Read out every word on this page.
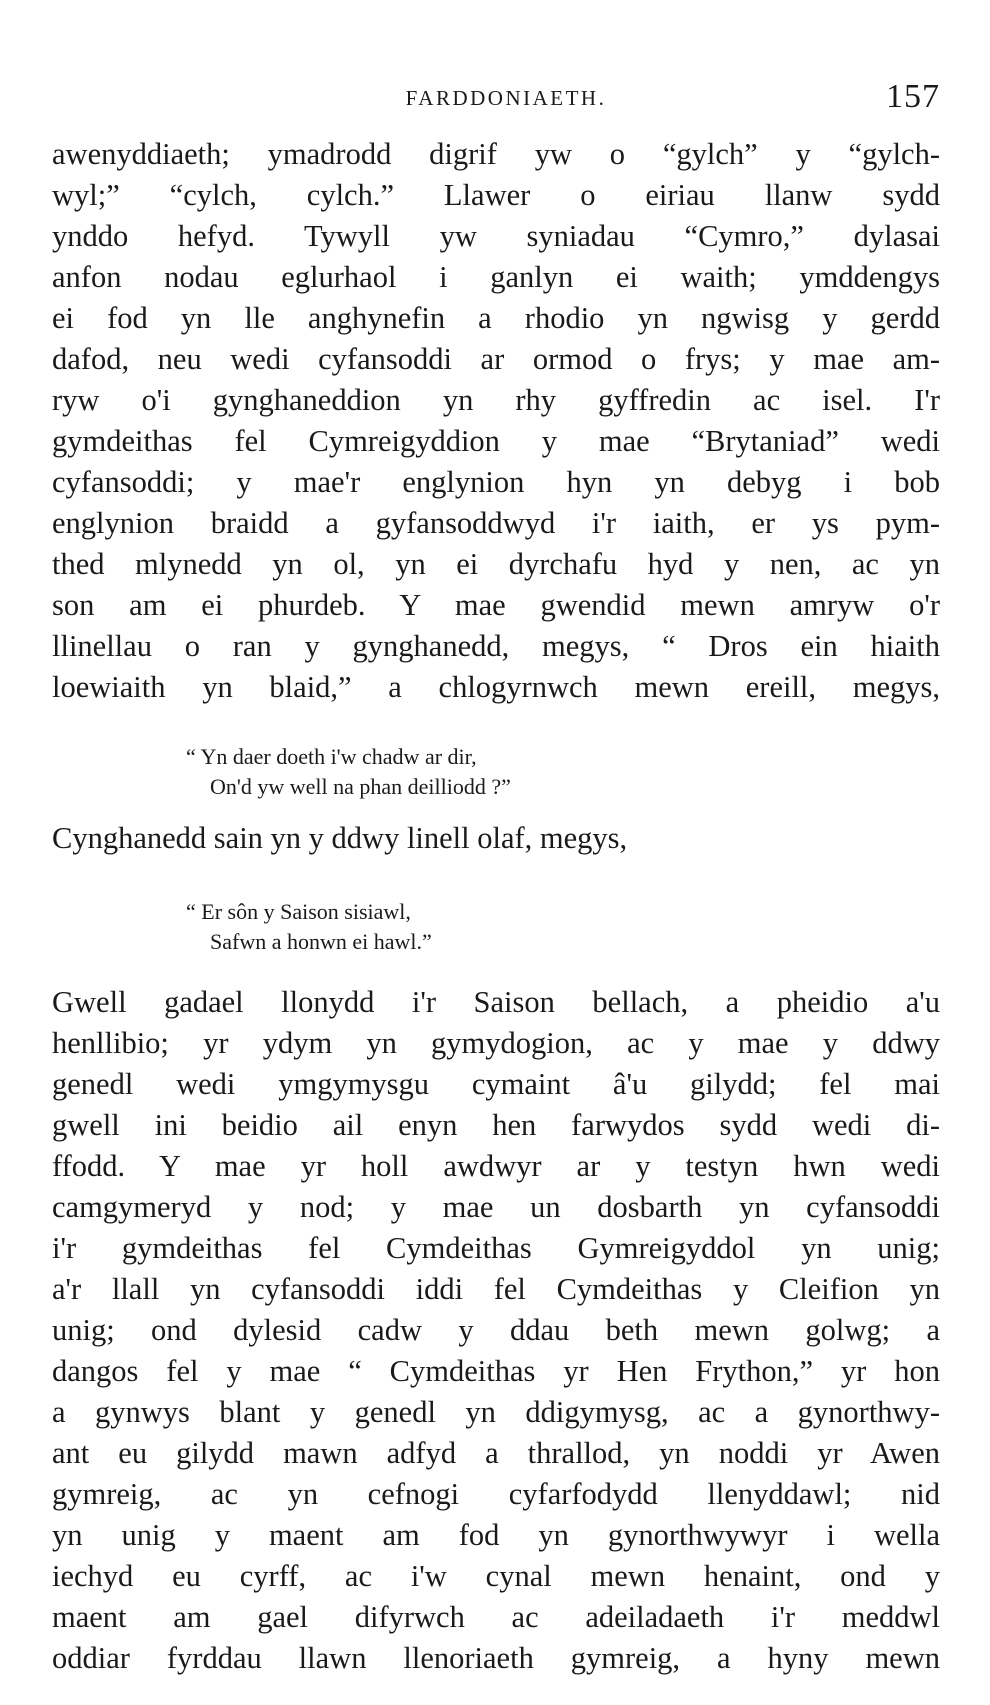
FARDDONIAETH.	157
awenyddiaeth; ymadrodd digrif yw o “gylch” y “gylch-
wyl;” “cylch, cylch.” Llawer o eiriau llanw sydd
ynddo hefyd. Tywyll yw syniadau “Cymro,” dylasai
anfon nodau eglurhaol i ganlyn ei waith; ymddengys
ei fod yn lle anghynefin a rhodio yn ngwisg y gerdd
dafod, neu wedi cyfansoddi ar ormod o frys; y mae am-
ryw o'i gynghaneddion yn rhy gyffredin ac isel. I'r
gymdeithas fel Cymreigyddion y mae “Brytaniad” wedi
cyfansoddi; y mae'r englynion hyn yn debyg i bob
englynion braidd a gyfansoddwyd i'r iaith, er ys pym-
thed mlynedd yn ol, yn ei dyrchafu hyd y nen, ac yn
son am ei phurdeb. Y mae gwendid mewn amryw o'r
llinellau o ran y gynghanedd, megys, “ Dros ein hiaith
loewiaith yn blaid,” a chlogyrnwch mewn ereill, megys,
“ Yn daer doeth i'w chadw ar dir,
On'd yw well na phan deilliodd ?”
Cynghanedd sain yn y ddwy linell olaf, megys,
“ Er sôn y Saison sisiawl,
Safwn a honwn ei hawl.”
Gwell gadael llonydd i'r Saison bellach, a pheidio a'u
henllibio; yr ydym yn gymydogion, ac y mae y ddwy
genedl wedi ymgymysgu cymaint â'u gilydd; fel mai
gwell ini beidio ail enyn hen farwydos sydd wedi di-
ffodd. Y mae yr holl awdwyr ar y testyn hwn wedi
camgymeryd y nod; y mae un dosbarth yn cyfansoddi
i'r gymdeithas fel Cymdeithas Gymreigyddol yn unig;
a'r llall yn cyfansoddi iddi fel Cymdeithas y Cleifion yn
unig; ond dylesid cadw y ddau beth mewn golwg; a
dangos fel y mae “ Cymdeithas yr Hen Frython,” yr hon
a gynwys blant y genedl yn ddigymysg, ac a gynorthwy-
ant eu gilydd mawn adfyd a thrallod, yn noddi yr Awen
gymreig, ac yn cefnogi cyfarfodydd llenyddawl; nid
yn unig y maent am fod yn gynorthwywyr i wella
iechyd eu cyrff, ac i'w cynal mewn henaint, ond y
maent am gael difyrwch ac adeiladaeth i'r meddwl
oddiar fyrddau llawn llenoriaeth gymreig, a hyny mewn
